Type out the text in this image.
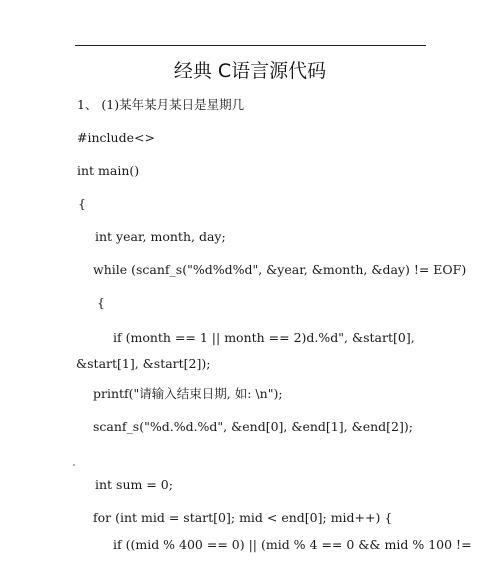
经典 C语言源代码
1、 (1)某年某月某日是星期几
#include<>
int main()
{
int year, month, day;
while (scanf_s("%d%d%d", &year, &month, &day) != EOF)
{
if (month == 1 || month == 2)d.%d", &start[0],
&start[1], &start[2]);
printf("请输入结束日期, 如: \n");
scanf_s("%d.%d.%d", &end[0], &end[1], &end[2]);
int sum = 0;
for (int mid = start[0]; mid < end[0]; mid++) {
if ((mid % 400 == 0) || (mid % 4 == 0 && mid % 100 !=
